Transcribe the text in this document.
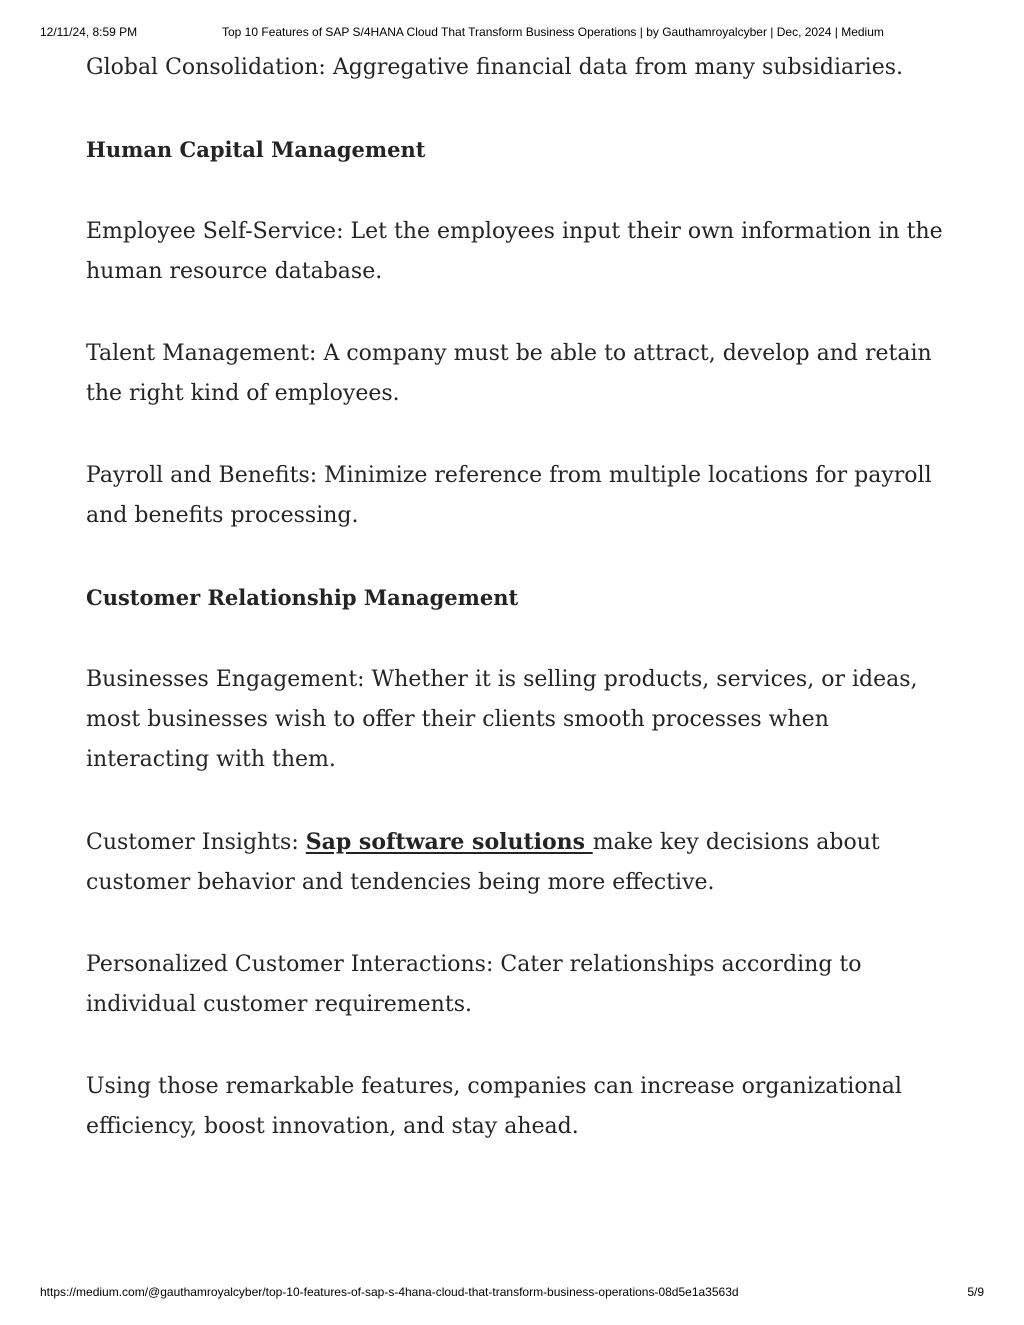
12/11/24, 8:59 PM	Top 10 Features of SAP S/4HANA Cloud That Transform Business Operations | by Gauthamroyalcyber | Dec, 2024 | Medium

Global Consolidation: Aggregative financial data from many subsidiaries.

Human Capital Management

Employee Self-Service: Let the employees input their own information in the human resource database.

Talent Management: A company must be able to attract, develop and retain the right kind of employees.

Payroll and Benefits: Minimize reference from multiple locations for payroll and benefits processing.

Customer Relationship Management

Businesses Engagement: Whether it is selling products, services, or ideas, most businesses wish to offer their clients smooth processes when interacting with them.

Customer Insights: Sap software solutions make key decisions about customer behavior and tendencies being more effective.

Personalized Customer Interactions: Cater relationships according to individual customer requirements.

Using those remarkable features, companies can increase organizational efficiency, boost innovation, and stay ahead.

https://medium.com/@gauthamroyalcyber/top-10-features-of-sap-s-4hana-cloud-that-transform-business-operations-08d5e1a3563d	5/9
